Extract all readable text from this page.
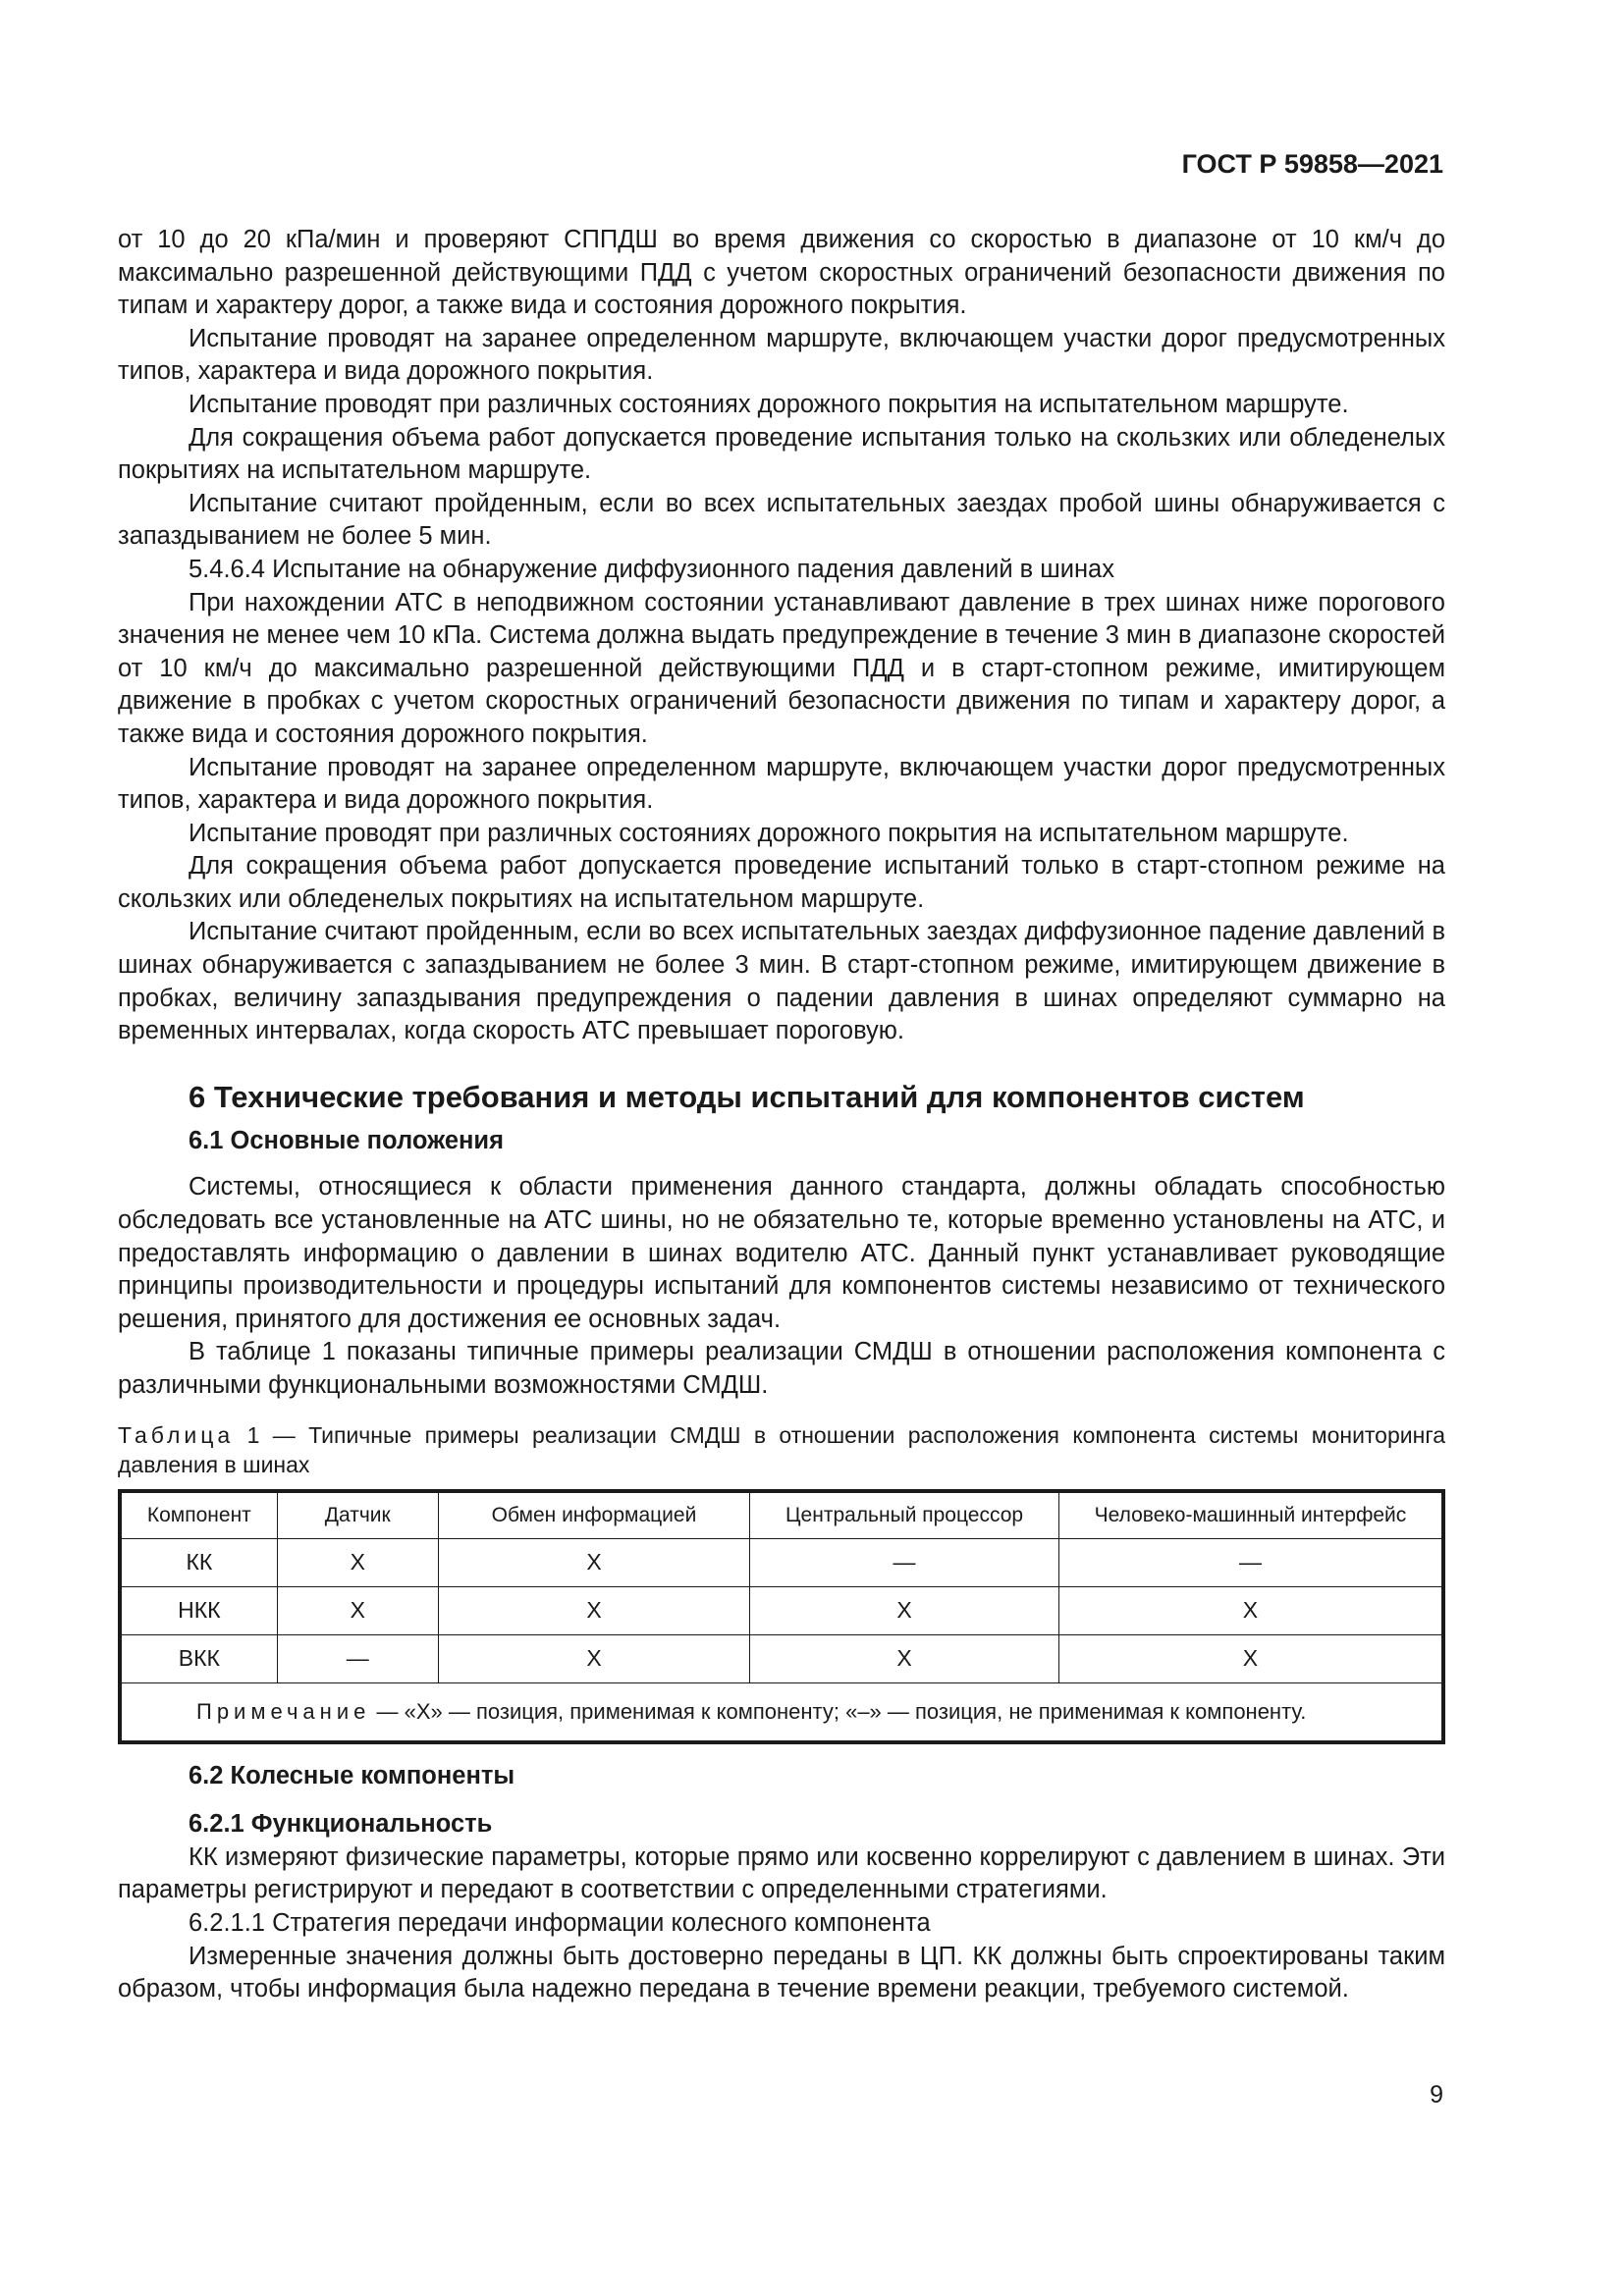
ГОСТ Р 59858—2021

от 10 до 20 кПа/мин и проверяют СППДШ во время движения со скоростью в диапазоне от 10 км/ч до максимально разрешенной действующими ПДД с учетом скоростных ограничений безопасности движения по типам и характеру дорог, а также вида и состояния дорожного покрытия.

Испытание проводят на заранее определенном маршруте, включающем участки дорог предусмотренных типов, характера и вида дорожного покрытия.

Испытание проводят при различных состояниях дорожного покрытия на испытательном маршруте.

Для сокращения объема работ допускается проведение испытания только на скользких или обледенелых покрытиях на испытательном маршруте.

Испытание считают пройденным, если во всех испытательных заездах пробой шины обнаруживается с запаздыванием не более 5 мин.

5.4.6.4 Испытание на обнаружение диффузионного падения давлений в шинах

При нахождении АТС в неподвижном состоянии устанавливают давление в трех шинах ниже порогового значения не менее чем 10 кПа. Система должна выдать предупреждение в течение 3 мин в диапазоне скоростей от 10 км/ч до максимально разрешенной действующими ПДД и в старт-стопном режиме, имитирующем движение в пробках с учетом скоростных ограничений безопасности движения по типам и характеру дорог, а также вида и состояния дорожного покрытия.

Испытание проводят на заранее определенном маршруте, включающем участки дорог предусмотренных типов, характера и вида дорожного покрытия.

Испытание проводят при различных состояниях дорожного покрытия на испытательном маршруте.

Для сокращения объема работ допускается проведение испытаний только в старт-стопном режиме на скользких или обледенелых покрытиях на испытательном маршруте.

Испытание считают пройденным, если во всех испытательных заездах диффузионное падение давлений в шинах обнаруживается с запаздыванием не более 3 мин. В старт-стопном режиме, имитирующем движение в пробках, величину запаздывания предупреждения о падении давления в шинах определяют суммарно на временных интервалах, когда скорость АТС превышает пороговую.

6 Технические требования и методы испытаний для компонентов систем
6.1 Основные положения

Системы, относящиеся к области применения данного стандарта, должны обладать способностью обследовать все установленные на АТС шины, но не обязательно те, которые временно установлены на АТС, и предоставлять информацию о давлении в шинах водителю АТС. Данный пункт устанавливает руководящие принципы производительности и процедуры испытаний для компонентов системы независимо от технического решения, принятого для достижения ее основных задач.

В таблице 1 показаны типичные примеры реализации СМДШ в отношении расположения компонента с различными функциональными возможностями СМДШ.

Таблица 1 — Типичные примеры реализации СМДШ в отношении расположения компонента системы мониторинга давления в шинах
Компонент	Датчик	Обмен информацией	Центральный процессор	Человеко-машинный интерфейс
КК	Х	Х	—	—
НКК	Х	Х	Х	Х
ВКК	—	Х	Х	Х
Примечание — «Х» — позиция, применимая к компоненту; «–» — позиция, не применимая к компоненту.				
6.2 Колесные компоненты
6.2.1 Функциональность

КК измеряют физические параметры, которые прямо или косвенно коррелируют с давлением в шинах. Эти параметры регистрируют и передают в соответствии с определенными стратегиями.

6.2.1.1 Стратегия передачи информации колесного компонента

Измеренные значения должны быть достоверно переданы в ЦП. КК должны быть спроектированы таким образом, чтобы информация была надежно передана в течение времени реакции, требуемого системой.

9
